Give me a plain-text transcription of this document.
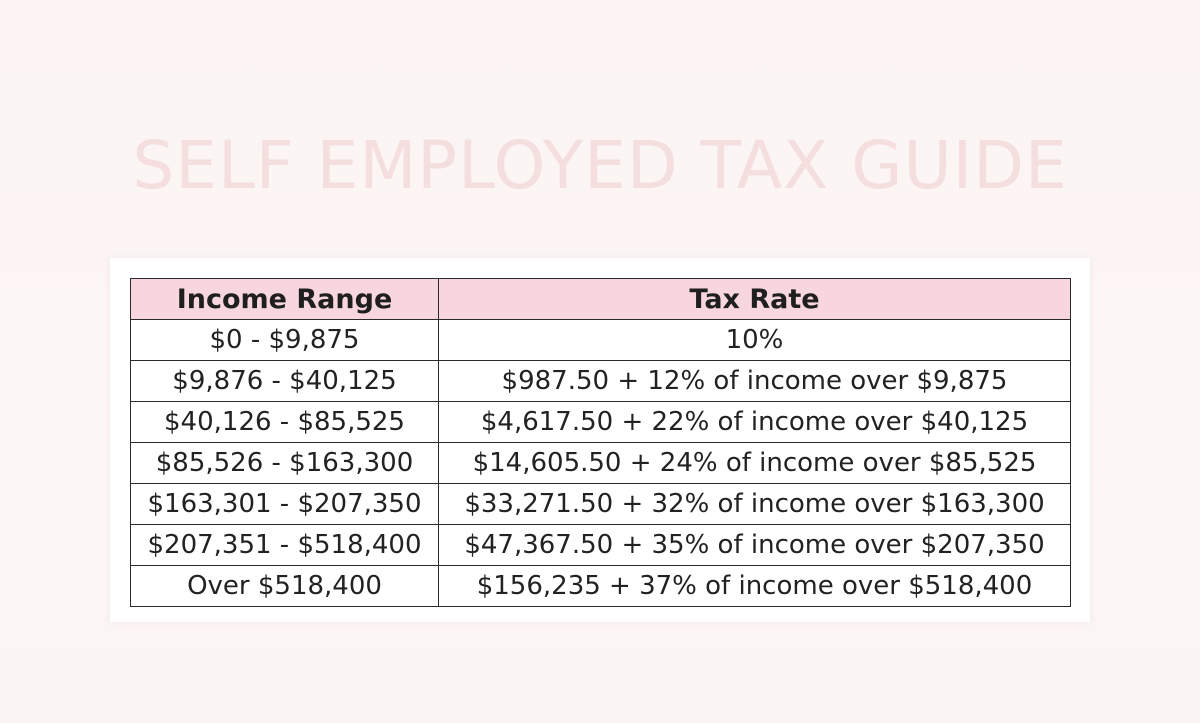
SELF EMPLOYED TAX GUIDE
Income Range	Tax Rate
$0 - $9,875	10%
$9,876 - $40,125	$987.50 + 12% of income over $9,875
$40,126 - $85,525	$4,617.50 + 22% of income over $40,125
$85,526 - $163,300	$14,605.50 + 24% of income over $85,525
$163,301 - $207,350	$33,271.50 + 32% of income over $163,300
$207,351 - $518,400	$47,367.50 + 35% of income over $207,350
Over $518,400	$156,235 + 37% of income over $518,400
